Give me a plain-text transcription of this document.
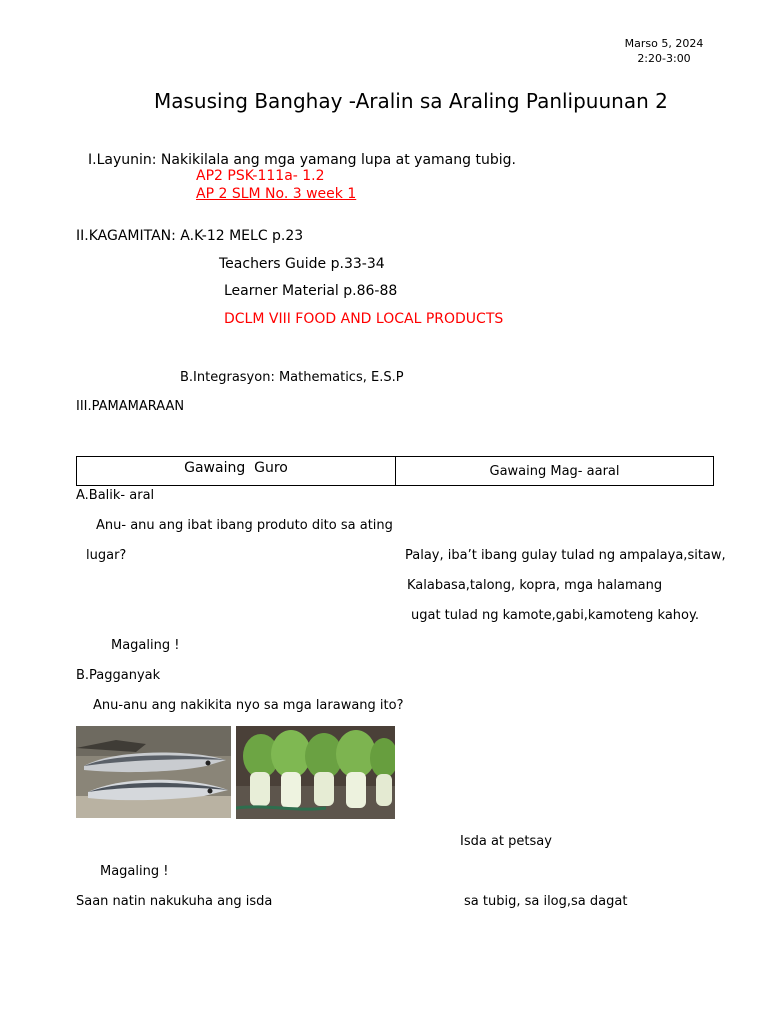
Marso 5, 2024
2:20-3:00
Masusing Banghay -Aralin sa Araling Panlipuunan 2
I.Layunin: Nakikilala ang mga yamang lupa at yamang tubig.
AP2 PSK-111a- 1.2
AP 2 SLM No. 3 week 1
II.KAGAMITAN: A.K-12 MELC p.23
Teachers Guide p.33-34
Learner Material p.86-88
DCLM VIII FOOD AND LOCAL PRODUCTS
B.Integrasyon: Mathematics, E.S.P
III.PAMAMARAAN
Gawaing  Guro	Gawaing Mag- aaral
A.Balik- aral
Anu- anu ang ibat ibang produto dito sa ating
lugar?	Palay, iba’t ibang gulay tulad ng ampalaya,sitaw,
Kalabasa,talong, kopra, mga halamang
ugat tulad ng kamote,gabi,kamoteng kahoy.
Magaling !
B.Pagganyak
Anu-anu ang nakikita nyo sa mga larawang ito?
Isda at petsay
Magaling !
Saan natin nakukuha ang isda	sa tubig, sa ilog,sa dagat
